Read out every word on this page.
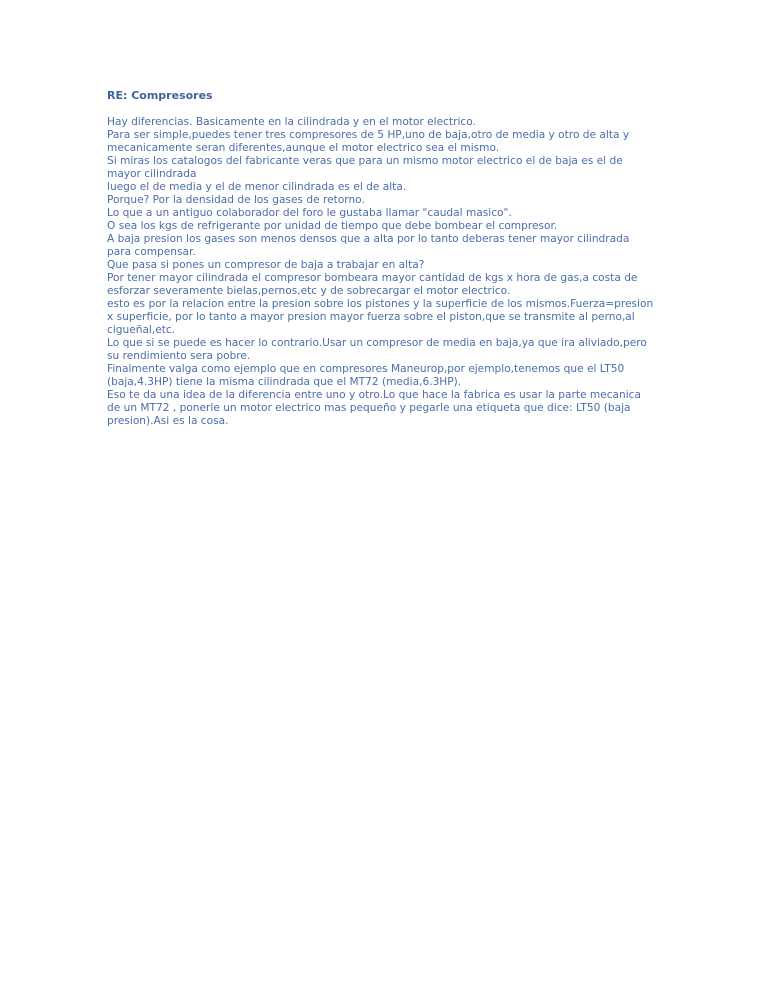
RE: Compresores
Hay diferencias. Basicamente en la cilindrada y en el motor electrico.
Para ser simple,puedes tener tres compresores de 5 HP,uno de baja,otro de media y otro de alta y
mecanicamente seran diferentes,aunque el motor electrico sea el mismo.
Si miras los catalogos del fabricante veras que para un mismo motor electrico el de baja es el de
mayor cilindrada
luego el de media y el de menor cilindrada es el de alta.
Porque? Por la densidad de los gases de retorno.
Lo que a un antiguo colaborador del foro le gustaba llamar "caudal masico".
O sea los kgs de refrigerante por unidad de tiempo que debe bombear el compresor.
A baja presion los gases son menos densos que a alta por lo tanto deberas tener mayor cilindrada
para compensar.
Que pasa si pones un compresor de baja a trabajar en alta?
Por tener mayor cilindrada el compresor bombeara mayor cantidad de kgs x hora de gas,a costa de
esforzar severamente bielas,pernos,etc y de sobrecargar el motor electrico.
esto es por la relacion entre la presion sobre los pistones y la superficie de los mismos.Fuerza=presion
x superficie, por lo tanto a mayor presion mayor fuerza sobre el piston,que se transmite al perno,al
cigueñal,etc.
Lo que si se puede es hacer lo contrario.Usar un compresor de media en baja,ya que ira aliviado,pero
su rendimiento sera pobre.
Finalmente valga como ejemplo que en compresores Maneurop,por ejemplo,tenemos que el LT50
(baja,4.3HP) tiene la misma cilindrada que el MT72 (media,6.3HP).
Eso te da una idea de la diferencia entre uno y otro.Lo que hace la fabrica es usar la parte mecanica
de un MT72 , ponerle un motor electrico mas pequeño y pegarle una etiqueta que dice: LT50 (baja
presion).Asi es la cosa.
